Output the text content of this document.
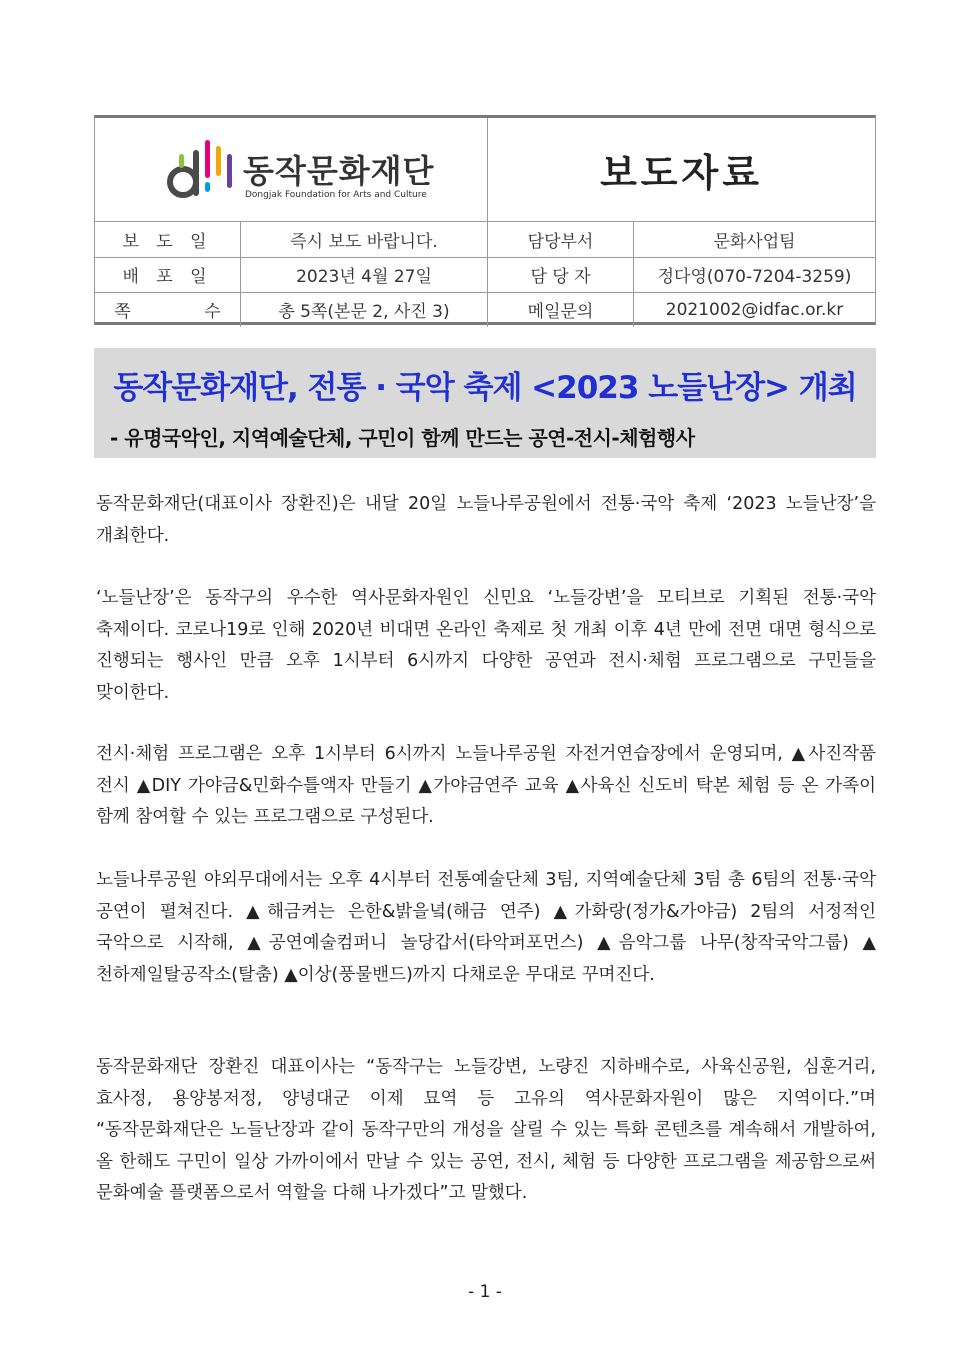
동작문화재단
Dongjak Foundation for Arts and Culture	보도자료
보 도 일	즉시 보도 바랍니다.	담당부서	문화사업팀
배 포 일	2023년 4월 27일	담 당 자	정다영(070-7204-3259)
쪽 수	총 5쪽(본문 2, 사진 3)	메일문의	2021002@idfac.or.kr
동작문화재단, 전통 · 국악 축제 <2023 노들난장> 개최
- 유명국악인, 지역예술단체, 구민이 함께 만드는 공연-전시-체험행사
동작문화재단(대표이사 장환진)은 내달 20일 노들나루공원에서 전통·국악 축제 ‘2023 노들난장’을 개최한다.
‘노들난장’은 동작구의 우수한 역사문화자원인 신민요 ‘노들강변’을 모티브로 기획된 전통·국악 축제이다. 코로나19로 인해 2020년 비대면 온라인 축제로 첫 개최 이후 4년 만에 전면 대면 형식으로 진행되는 행사인 만큼 오후 1시부터 6시까지 다양한 공연과 전시·체험 프로그램으로 구민들을 맞이한다.
전시·체험 프로그램은 오후 1시부터 6시까지 노들나루공원 자전거연습장에서 운영되며, ▲사진작품 전시 ▲DIY 가야금&민화수틀액자 만들기 ▲가야금연주 교육 ▲사육신 신도비 탁본 체험 등 온 가족이 함께 참여할 수 있는 프로그램으로 구성된다.
노들나루공원 야외무대에서는 오후 4시부터 전통예술단체 3팀, 지역예술단체 3팀 총 6팀의 전통·국악 공연이 펼쳐진다. ▲해금켜는 은한&밝을녘(해금 연주) ▲가화랑(정가&가야금) 2팀의 서정적인 국악으로 시작해, ▲공연예술컴퍼니 놀당갑서(타악퍼포먼스) ▲음악그룹 나무(창작국악그룹) ▲천하제일탈공작소(탈춤) ▲이상(풍물밴드)까지 다채로운 무대로 꾸며진다.
동작문화재단 장환진 대표이사는 “동작구는 노들강변, 노량진 지하배수로, 사육신공원, 심훈거리, 효사정, 용양봉저정, 양녕대군 이제 묘역 등 고유의 역사문화자원이 많은 지역이다.”며 “동작문화재단은 노들난장과 같이 동작구만의 개성을 살릴 수 있는 특화 콘텐츠를 계속해서 개발하여, 올 한해도 구민이 일상 가까이에서 만날 수 있는 공연, 전시, 체험 등 다양한 프로그램을 제공함으로써 문화예술 플랫폼으로서 역할을 다해 나가겠다”고 말했다.
- 1 -
